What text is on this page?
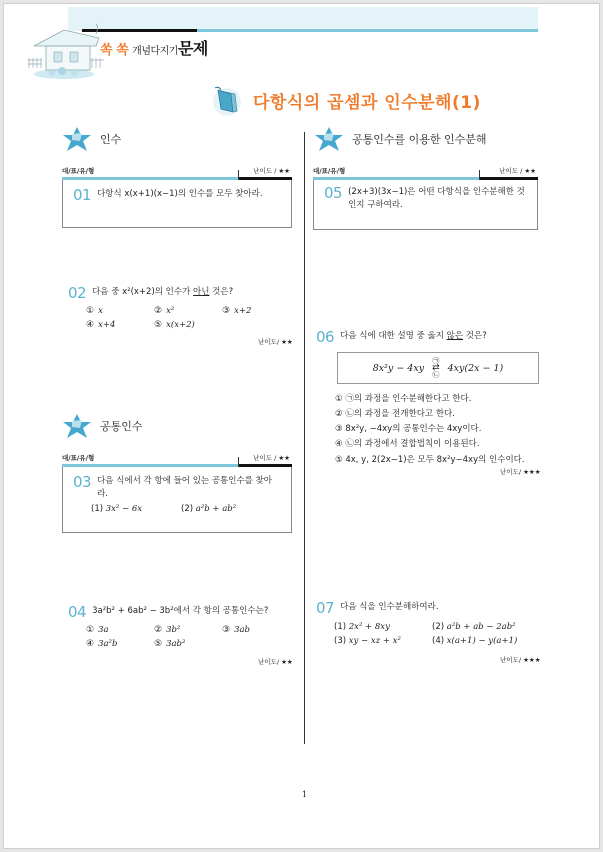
쏙 쏙 개념다지기 문제
다항식의 곱셈과 인수분해(1)
인수
대/표/유/형	난이도 / ★★
01 다항식 x(x+1)(x−1)의 인수를 모두 찾아라.
02 다음 중 x²(x+2)의 인수가 아닌 것은?
① x	② x²	③ x+2
④ x+4	⑤ x(x+2)
난이도/ ★★
공통인수
대/표/유/형	난이도 / ★★
03 다음 식에서 각 항에 들어 있는 공통인수를 찾아라.
(1) 3x² − 6x	(2) a²b + ab²
04 3a²b² + 6ab² − 3b²에서 각 항의 공통인수는?
① 3a	② 3b²	③ 3ab
④ 3a²b	⑤ 3ab²
난이도/ ★★
공통인수를 이용한 인수분해
대/표/유/형	난이도 / ★★
05 (2x+3)(3x−1)은 어떤 다항식을 인수분해한 것인지 구하여라.
06 다음 식에 대한 설명 중 옳지 않은 것은?
8x²y − 4xy
㉠
⇄
㉡
4xy(2x − 1)
① ㉠의 과정을 인수분해한다고 한다.
② ㉡의 과정을 전개한다고 한다.
③ 8x²y, −4xy의 공통인수는 4xy이다.
④ ㉡의 과정에서 결합법칙이 이용된다.
⑤ 4x, y, 2(2x−1)은 모두 8x²y−4xy의 인수이다.
난이도/ ★★★
07 다음 식을 인수분해하여라.
(1) 2x² + 8xy	(2) a²b + ab − 2ab²
(3) xy − xz + x²	(4) x(a+1) − y(a+1)
난이도/ ★★★
1
